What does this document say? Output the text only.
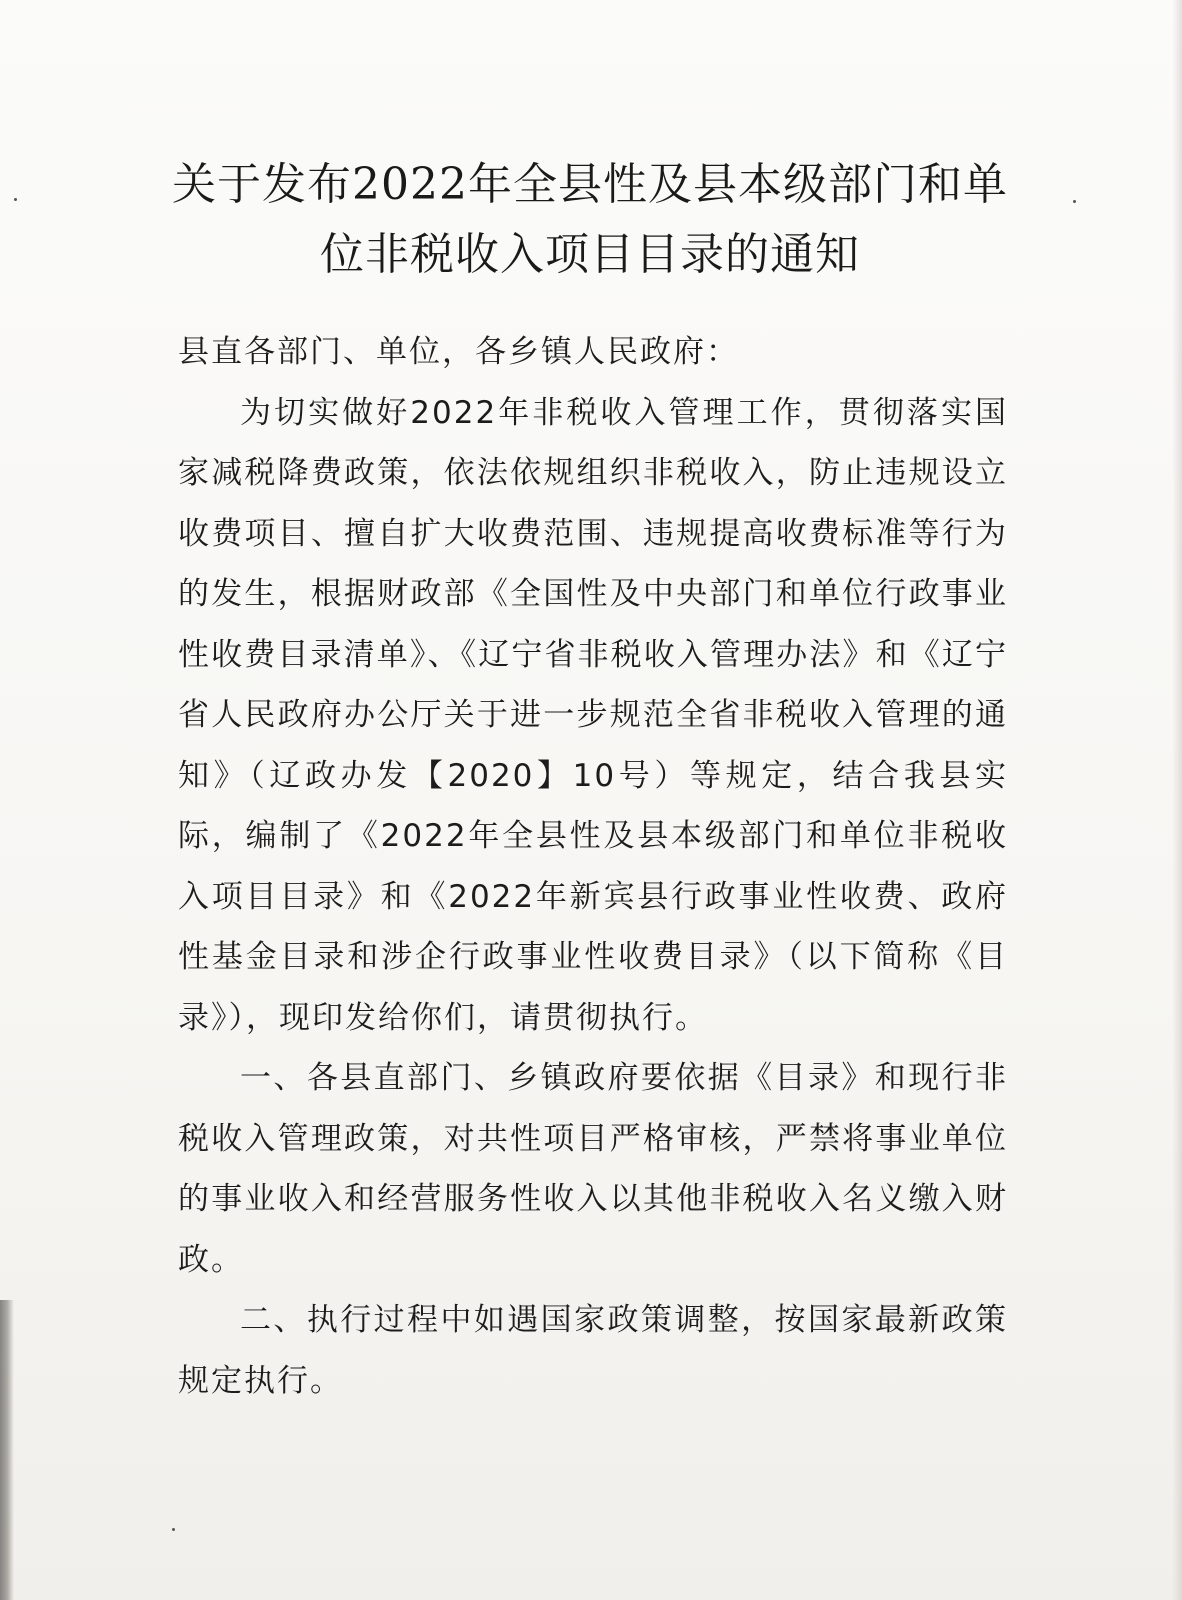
关于发布2022年全县性及县本级部门和单
位非税收入项目目录的通知

县直各部门、单位，各乡镇人民政府：

为切实做好2022年非税收入管理工作，贯彻落实国家减税降费政策，依法依规组织非税收入，防止违规设立收费项目、擅自扩大收费范围、违规提高收费标准等行为的发生，根据财政部《全国性及中央部门和单位行政事业性收费目录清单》、《辽宁省非税收入管理办法》和《辽宁省人民政府办公厅关于进一步规范全省非税收入管理的通知》（辽政办发【2020】10号）等规定，结合我县实际，编制了《2022年全县性及县本级部门和单位非税收入项目目录》和《2022年新宾县行政事业性收费、政府性基金目录和涉企行政事业性收费目录》（以下简称《目录》），现印发给你们，请贯彻执行。

一、各县直部门、乡镇政府要依据《目录》和现行非税收入管理政策，对共性项目严格审核，严禁将事业单位的事业收入和经营服务性收入以其他非税收入名义缴入财政。

二、执行过程中如遇国家政策调整，按国家最新政策规定执行。
